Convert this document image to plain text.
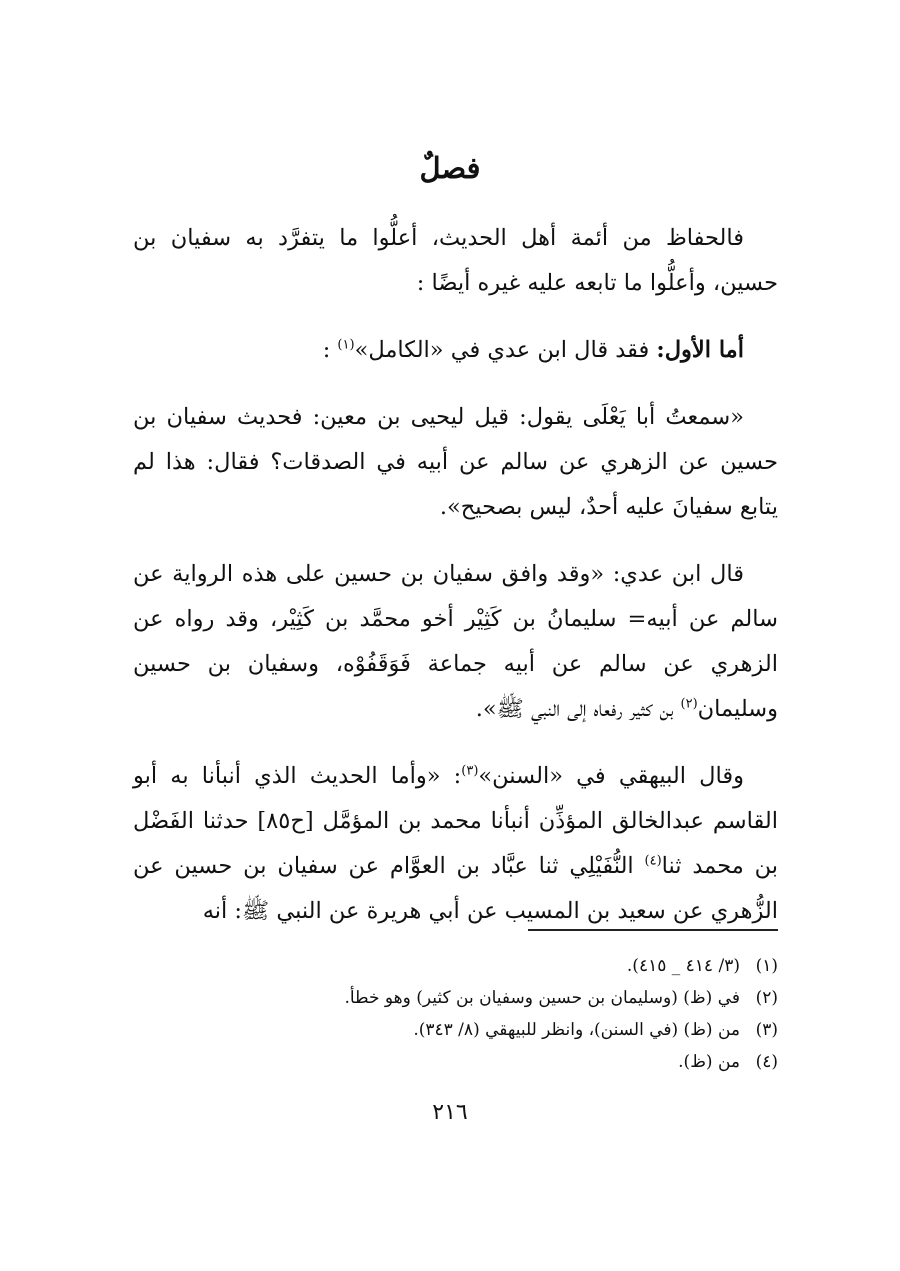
فصلٌ

فالحفاظ من أئمة أهل الحديث، أعلُّوا ما يتفرَّد به سفيان بن حسين، وأعلُّوا ما تابعه عليه غيره أيضًا :

أما الأول: فقد قال ابن عدي في «الكامل»$^{(١)}$ :

«سمعتُ أبا يَعْلَى يقول: قيل ليحيى بن معين: فحديث سفيان بن حسين عن الزهري عن سالم عن أبيه في الصدقات؟ فقال: هذا لم يتابع سفيانَ عليه أحدٌ، ليس بصحيح».

قال ابن عدي: «وقد وافق سفيان بن حسين على هذه الرواية عن سالم عن أبيه= سليمانُ بن كَثِيْر أخو محمَّد بن كَثِيْر، وقد رواه عن الزهري عن سالم عن أبيه جماعة فَوَقَفُوْه، وسفيان بن حسين وسليمان$^{(٢)}$ بن كثير رفعاه إلى النبي ﷺ».

وقال البيهقي في «السنن»$^{(٣)}$: «وأما الحديث الذي أنبأنا به أبو القاسم عبدالخالق المؤذِّن أنبأنا محمد بن المؤمَّل [ح٨٥] حدثنا الفَضْل بن محمد ثنا$^{(٤)}$ النُّفَيْلِي ثنا عبَّاد بن العوَّام عن سفيان بن حسين عن الزُّهري عن سعيد بن المسيب عن أبي هريرة عن النبي ﷺ: أنه

(١)
(٣/ ٤١٤ _ ٤١٥).
(٢)
في (ظ) (وسليمان بن حسين وسفيان بن كثير) وهو خطأ.
(٣)
من (ظ) (في السنن)، وانظر للبيهقي (٨/ ٣٤٣).
(٤)
من (ظ).
٢١٦
